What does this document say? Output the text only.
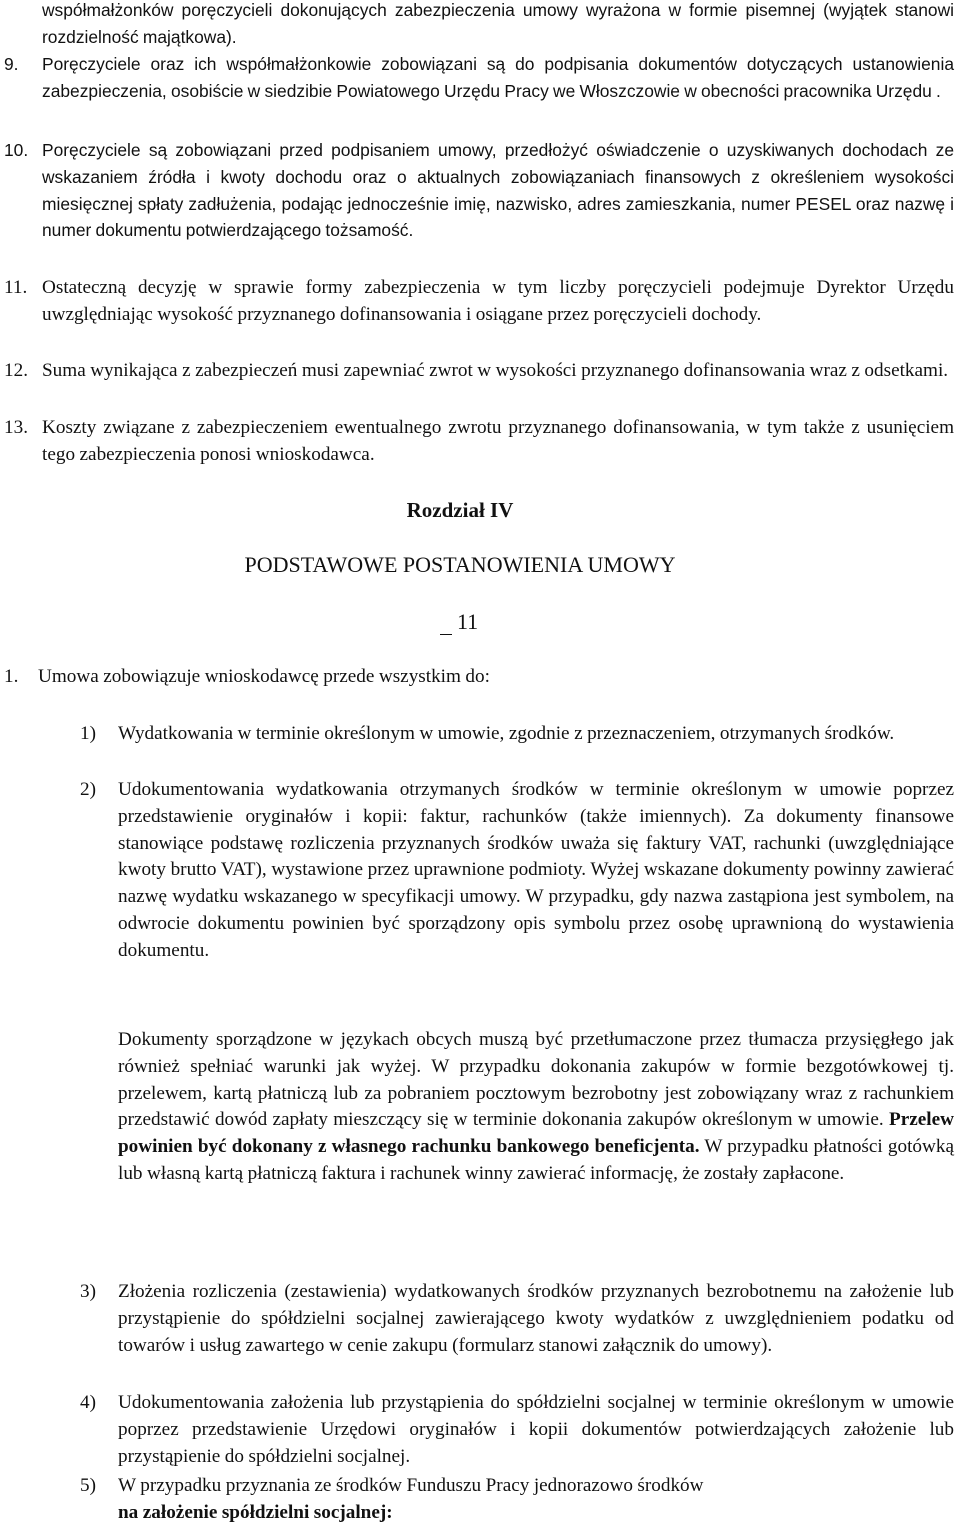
współmałżonków poręczycieli dokonujących zabezpieczenia umowy wyrażona w formie pisemnej (wyjątek stanowi rozdzielność majątkowa).

9. Poręczyciele oraz ich współmałżonkowie zobowiązani są do podpisania dokumentów dotyczących ustanowienia zabezpieczenia, osobiście w siedzibie Powiatowego Urzędu Pracy we Włoszczowie w obecności pracownika Urzędu .

10. Poręczyciele są zobowiązani przed podpisaniem umowy, przedłożyć oświadczenie o uzyskiwanych dochodach ze wskazaniem źródła i kwoty dochodu oraz o aktualnych zobowiązaniach finansowych z określeniem wysokości miesięcznej spłaty zadłużenia, podając jednocześnie imię, nazwisko, adres zamieszkania, numer PESEL oraz nazwę i numer dokumentu potwierdzającego tożsamość.

11. Ostateczną decyzję w sprawie formy zabezpieczenia w tym liczby poręczycieli podejmuje Dyrektor Urzędu uwzględniając wysokość przyznanego dofinansowania i osiągane przez poręczycieli dochody.

12. Suma wynikająca z zabezpieczeń musi zapewniać zwrot w wysokości przyznanego dofinansowania wraz z odsetkami.

13. Koszty związane z zabezpieczeniem ewentualnego zwrotu przyznanego dofinansowania, w tym także z usunięciem tego zabezpieczenia ponosi wnioskodawca.

Rozdział IV

PODSTAWOWE POSTANOWIENIA UMOWY

11
1. Umowa zobowiązuje wnioskodawcę przede wszystkim do:

1) Wydatkowania w terminie określonym w umowie, zgodnie z przeznaczeniem, otrzymanych środków.

2) Udokumentowania wydatkowania otrzymanych środków w terminie określonym w umowie poprzez przedstawienie oryginałów i kopii: faktur, rachunków (także imiennych). Za dokumenty finansowe stanowiące podstawę rozliczenia przyznanych środków uważa się faktury VAT, rachunki (uwzględniające kwoty brutto VAT), wystawione przez uprawnione podmioty. Wyżej wskazane dokumenty powinny zawierać nazwę wydatku wskazanego w specyfikacji umowy. W przypadku, gdy nazwa zastąpiona jest symbolem, na odwrocie dokumentu powinien być sporządzony opis symbolu przez osobę uprawnioną do wystawienia dokumentu.

Dokumenty sporządzone w językach obcych muszą być przetłumaczone przez tłumacza przysięgłego jak również spełniać warunki jak wyżej. W przypadku dokonania zakupów w formie bezgotówkowej tj. przelewem, kartą płatniczą lub za pobraniem pocztowym bezrobotny jest zobowiązany wraz z rachunkiem przedstawić dowód zapłaty mieszczący się w terminie dokonania zakupów określonym w umowie. Przelew powinien być dokonany z własnego rachunku bankowego beneficjenta. W przypadku płatności gotówką lub własną kartą płatniczą faktura i rachunek winny zawierać informację, że zostały zapłacone.

3) Złożenia rozliczenia (zestawienia) wydatkowanych środków przyznanych bezrobotnemu na założenie lub przystąpienie do spółdzielni socjalnej zawierającego kwoty wydatków z uwzględnieniem podatku od towarów i usług zawartego w cenie zakupu (formularz stanowi załącznik do umowy).

4) Udokumentowania założenia lub przystąpienia do spółdzielni socjalnej w terminie określonym w umowie poprzez przedstawienie Urzędowi oryginałów i kopii dokumentów potwierdzających założenie lub przystąpienie do spółdzielni socjalnej.

5) W przypadku przyznania ze środków Funduszu Pracy jednorazowo środków
na założenie spółdzielni socjalnej:
